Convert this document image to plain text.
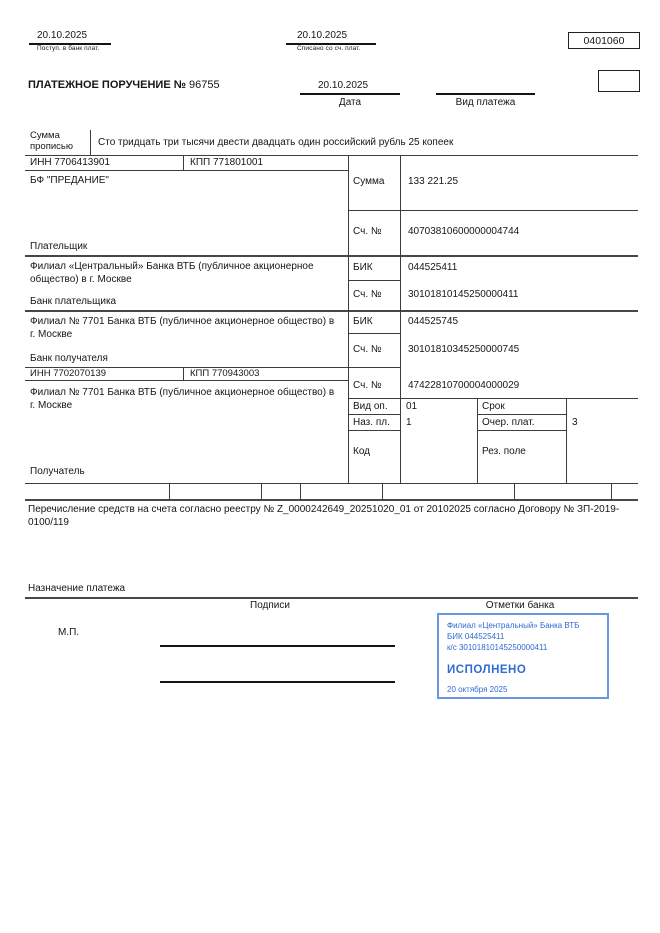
20.10.2025
Поступ. в банк плат.
20.10.2025
Списано со сч. плат.
0401060
ПЛАТЕЖНОЕ ПОРУЧЕНИЕ № 96755	20.10.2025
Дата	Вид платежа
Сумма прописью	Сто тридцать три тысячи двести двадцать один российский рубль 25 копеек
ИНН 7706413901	КПП 771801001
БФ "ПРЕДАНИЕ"
Плательщик
Сумма 133 221.25
Сч. №	40703810600000004744
Филиал «Центральный» Банка ВТБ (публичное акционерное общество) в г. Москве
Банк плательщика
БИК	044525411
Сч. №	30101810145250000411
Филиал № 7701 Банка ВТБ (публичное акционерное общество) в г. Москве
Банк получателя
БИК	044525745
Сч. №	30101810345250000745
ИНН 7702070139	КПП 770943003
Филиал № 7701 Банка ВТБ (публичное акционерное общество) в г. Москве
Получатель
Сч. №	47422810700004000029
Вид оп. 01	Срок
Наз. пл. 1	Очер. плат.	3
Код	Рез. поле
Перечисление средств на счета согласно реестру № Z_0000242649_20251020_01 от 20102025 согласно Договору № ЗП-2019-0100/119
Назначение платежа
Подписи	Отметки банка
М.П.
Филиал «Центральный» Банка ВТБ
БИК 044525411
к/с 30101810145250000411
ИСПОЛНЕНО
20 октября 2025
